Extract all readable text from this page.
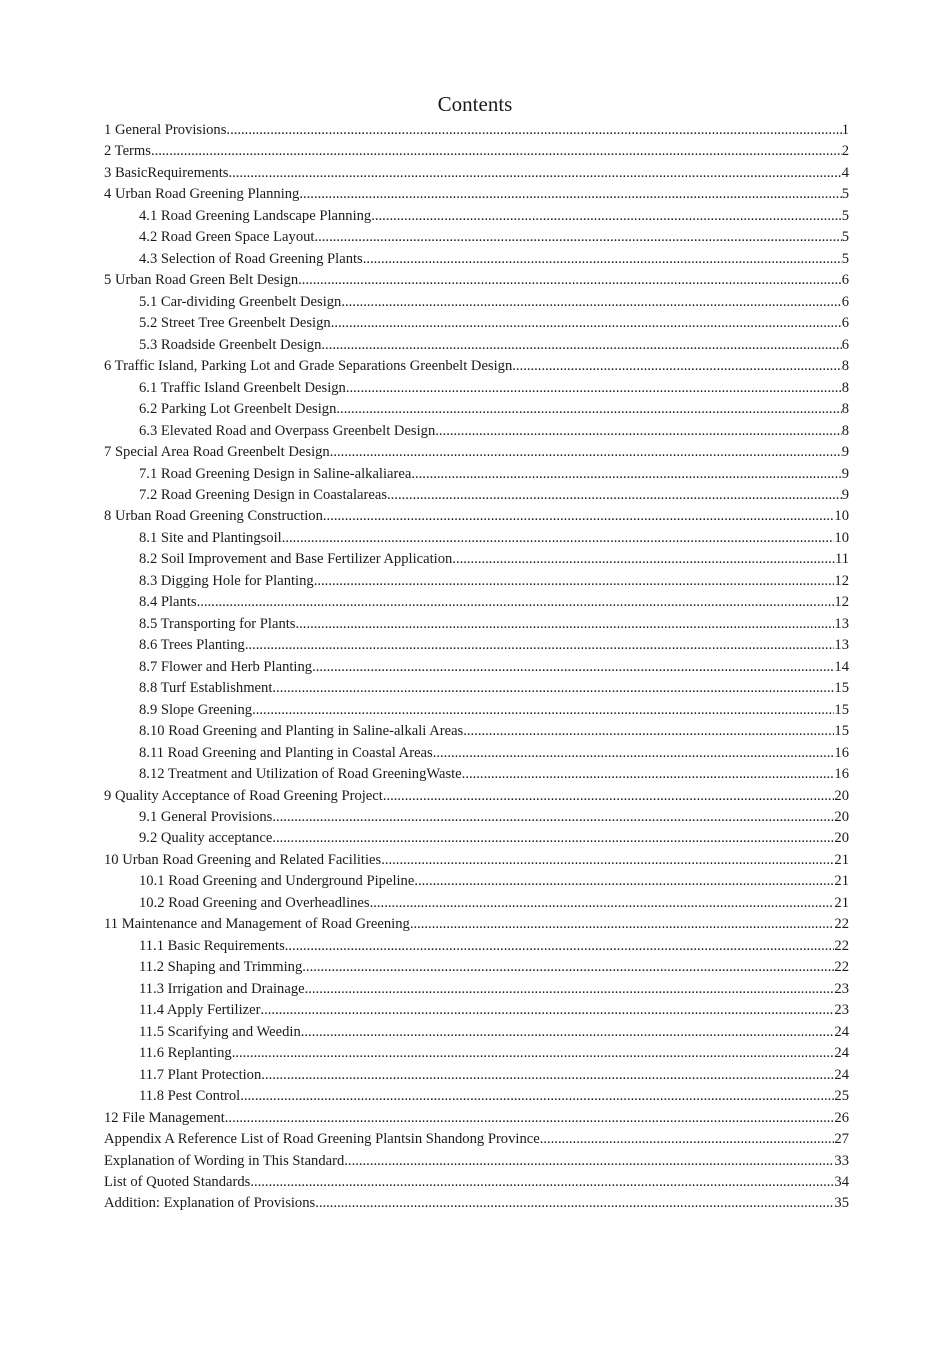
Contents
1 General Provisions .....	1
2 Terms .....	2
3 BasicRequirements .....	4
4 Urban Road Greening Planning .....	5
4.1 Road Greening Landscape Planning .....	5
4.2 Road Green Space Layout .....	5
4.3 Selection of Road Greening Plants .....	5
5 Urban Road Green Belt Design .....	6
5.1 Car-dividing Greenbelt Design .....	6
5.2 Street Tree Greenbelt Design .....	6
5.3 Roadside Greenbelt Design .....	6
6 Traffic Island, Parking Lot and Grade Separations Greenbelt Design .....	8
6.1 Traffic Island Greenbelt Design .....	8
6.2 Parking Lot Greenbelt Design .....	8
6.3 Elevated Road and Overpass Greenbelt Design .....	8
7 Special Area Road Greenbelt Design .....	9
7.1 Road Greening Design in Saline-alkaliarea .....	9
7.2 Road Greening Design in Coastalareas .....	9
8 Urban Road Greening Construction .....	10
8.1 Site and Plantingsoil .....	10
8.2 Soil Improvement and Base Fertilizer Application .....	11
8.3 Digging Hole for Planting .....	12
8.4 Plants .....	12
8.5 Transporting for Plants .....	13
8.6 Trees Planting .....	13
8.7 Flower and Herb Planting .....	14
8.8 Turf Establishment .....	15
8.9 Slope Greening .....	15
8.10 Road Greening and Planting in Saline-alkali Areas .....	15
8.11 Road Greening and Planting in Coastal Areas .....	16
8.12 Treatment and Utilization of Road GreeningWaste .....	16
9 Quality Acceptance of Road Greening Project .....	20
9.1 General Provisions .....	20
9.2 Quality acceptance .....	20
10 Urban Road Greening and Related Facilities .....	21
10.1 Road Greening and Underground Pipeline .....	21
10.2 Road Greening and Overheadlines .....	21
11 Maintenance and Management of Road Greening .....	22
11.1 Basic Requirements .....	22
11.2 Shaping and Trimming .....	22
11.3 Irrigation and Drainage .....	23
11.4 Apply Fertilizer .....	23
11.5 Scarifying and Weedin .....	24
11.6 Replanting .....	24
11.7 Plant Protection .....	24
11.8 Pest Control .....	25
12 File Management .....	26
Appendix A Reference List of Road Greening Plantsin Shandong Province .....	27
Explanation of Wording in This Standard .....	33
List of Quoted Standards .....	34
Addition: Explanation of Provisions .....	35
